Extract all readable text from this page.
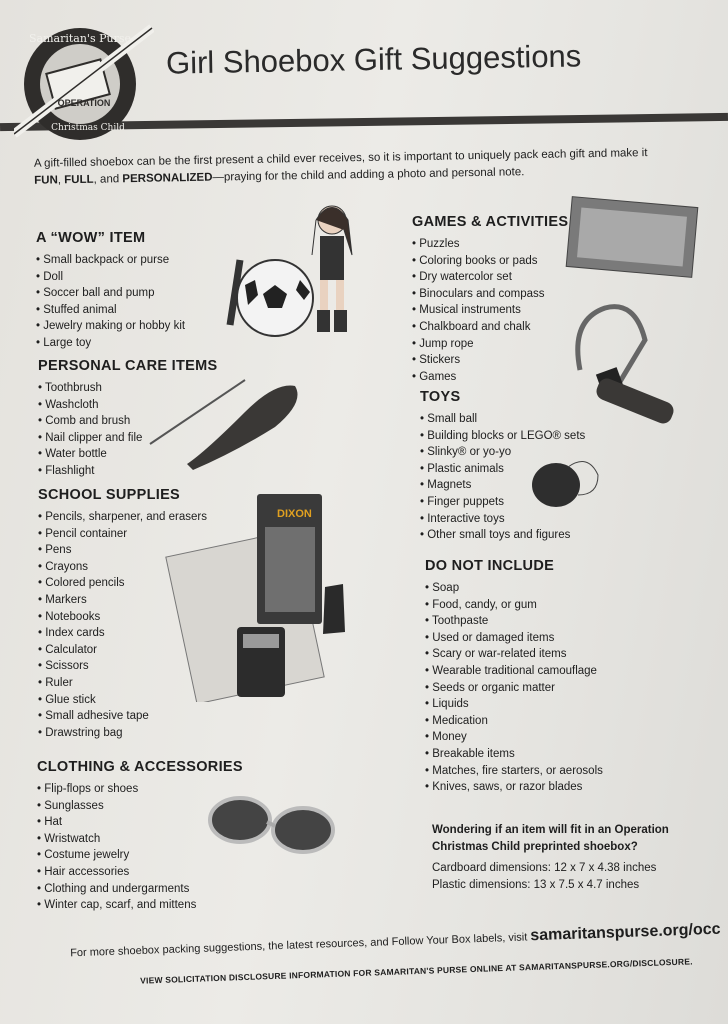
Samaritan's Purse
OPERATION
Christmas Child
Girl Shoebox Gift Suggestions
A gift-filled shoebox can be the first present a child ever receives, so it is important to uniquely pack each gift and make it
FUN, FULL, and PERSONALIZED—praying for the child and adding a photo and personal note.
A “WOW” ITEM
• Small backpack or purse
• Doll
• Soccer ball and pump
• Stuffed animal
• Jewelry making or hobby kit
• Large toy
PERSONAL CARE ITEMS
• Toothbrush
• Washcloth
• Comb and brush
• Nail clipper and file
• Water bottle
• Flashlight
SCHOOL SUPPLIES
• Pencils, sharpener, and erasers
• Pencil container
• Pens
• Crayons
• Colored pencils
• Markers
• Notebooks
• Index cards
• Calculator
• Scissors
• Ruler
• Glue stick
• Small adhesive tape
• Drawstring bag
CLOTHING & ACCESSORIES
• Flip-flops or shoes
• Sunglasses
• Hat
• Wristwatch
• Costume jewelry
• Hair accessories
• Clothing and undergarments
• Winter cap, scarf, and mittens
GAMES & ACTIVITIES
• Puzzles
• Coloring books or pads
• Dry watercolor set
• Binoculars and compass
• Musical instruments
• Chalkboard and chalk
• Jump rope
• Stickers
• Games
TOYS
• Small ball
• Building blocks or LEGO® sets
• Slinky® or yo-yo
• Plastic animals
• Magnets
• Finger puppets
• Interactive toys
• Other small toys and figures
DO NOT INCLUDE
• Soap
• Food, candy, or gum
• Toothpaste
• Used or damaged items
• Scary or war-related items
• Wearable traditional camouflage
• Seeds or organic matter
• Liquids
• Medication
• Money
• Breakable items
• Matches, fire starters, or aerosols
• Knives, saws, or razor blades
Wondering if an item will fit in an Operation Christmas Child preprinted shoebox?
Cardboard dimensions: 12 x 7 x 4.38 inches
Plastic dimensions: 13 x 7.5 x 4.7 inches
DIXON
For more shoebox packing suggestions, the latest resources, and Follow Your Box labels, visit samaritanspurse.org/occ
VIEW SOLICITATION DISCLOSURE INFORMATION FOR SAMARITAN'S PURSE ONLINE AT SAMARITANSPURSE.ORG/DISCLOSURE.
